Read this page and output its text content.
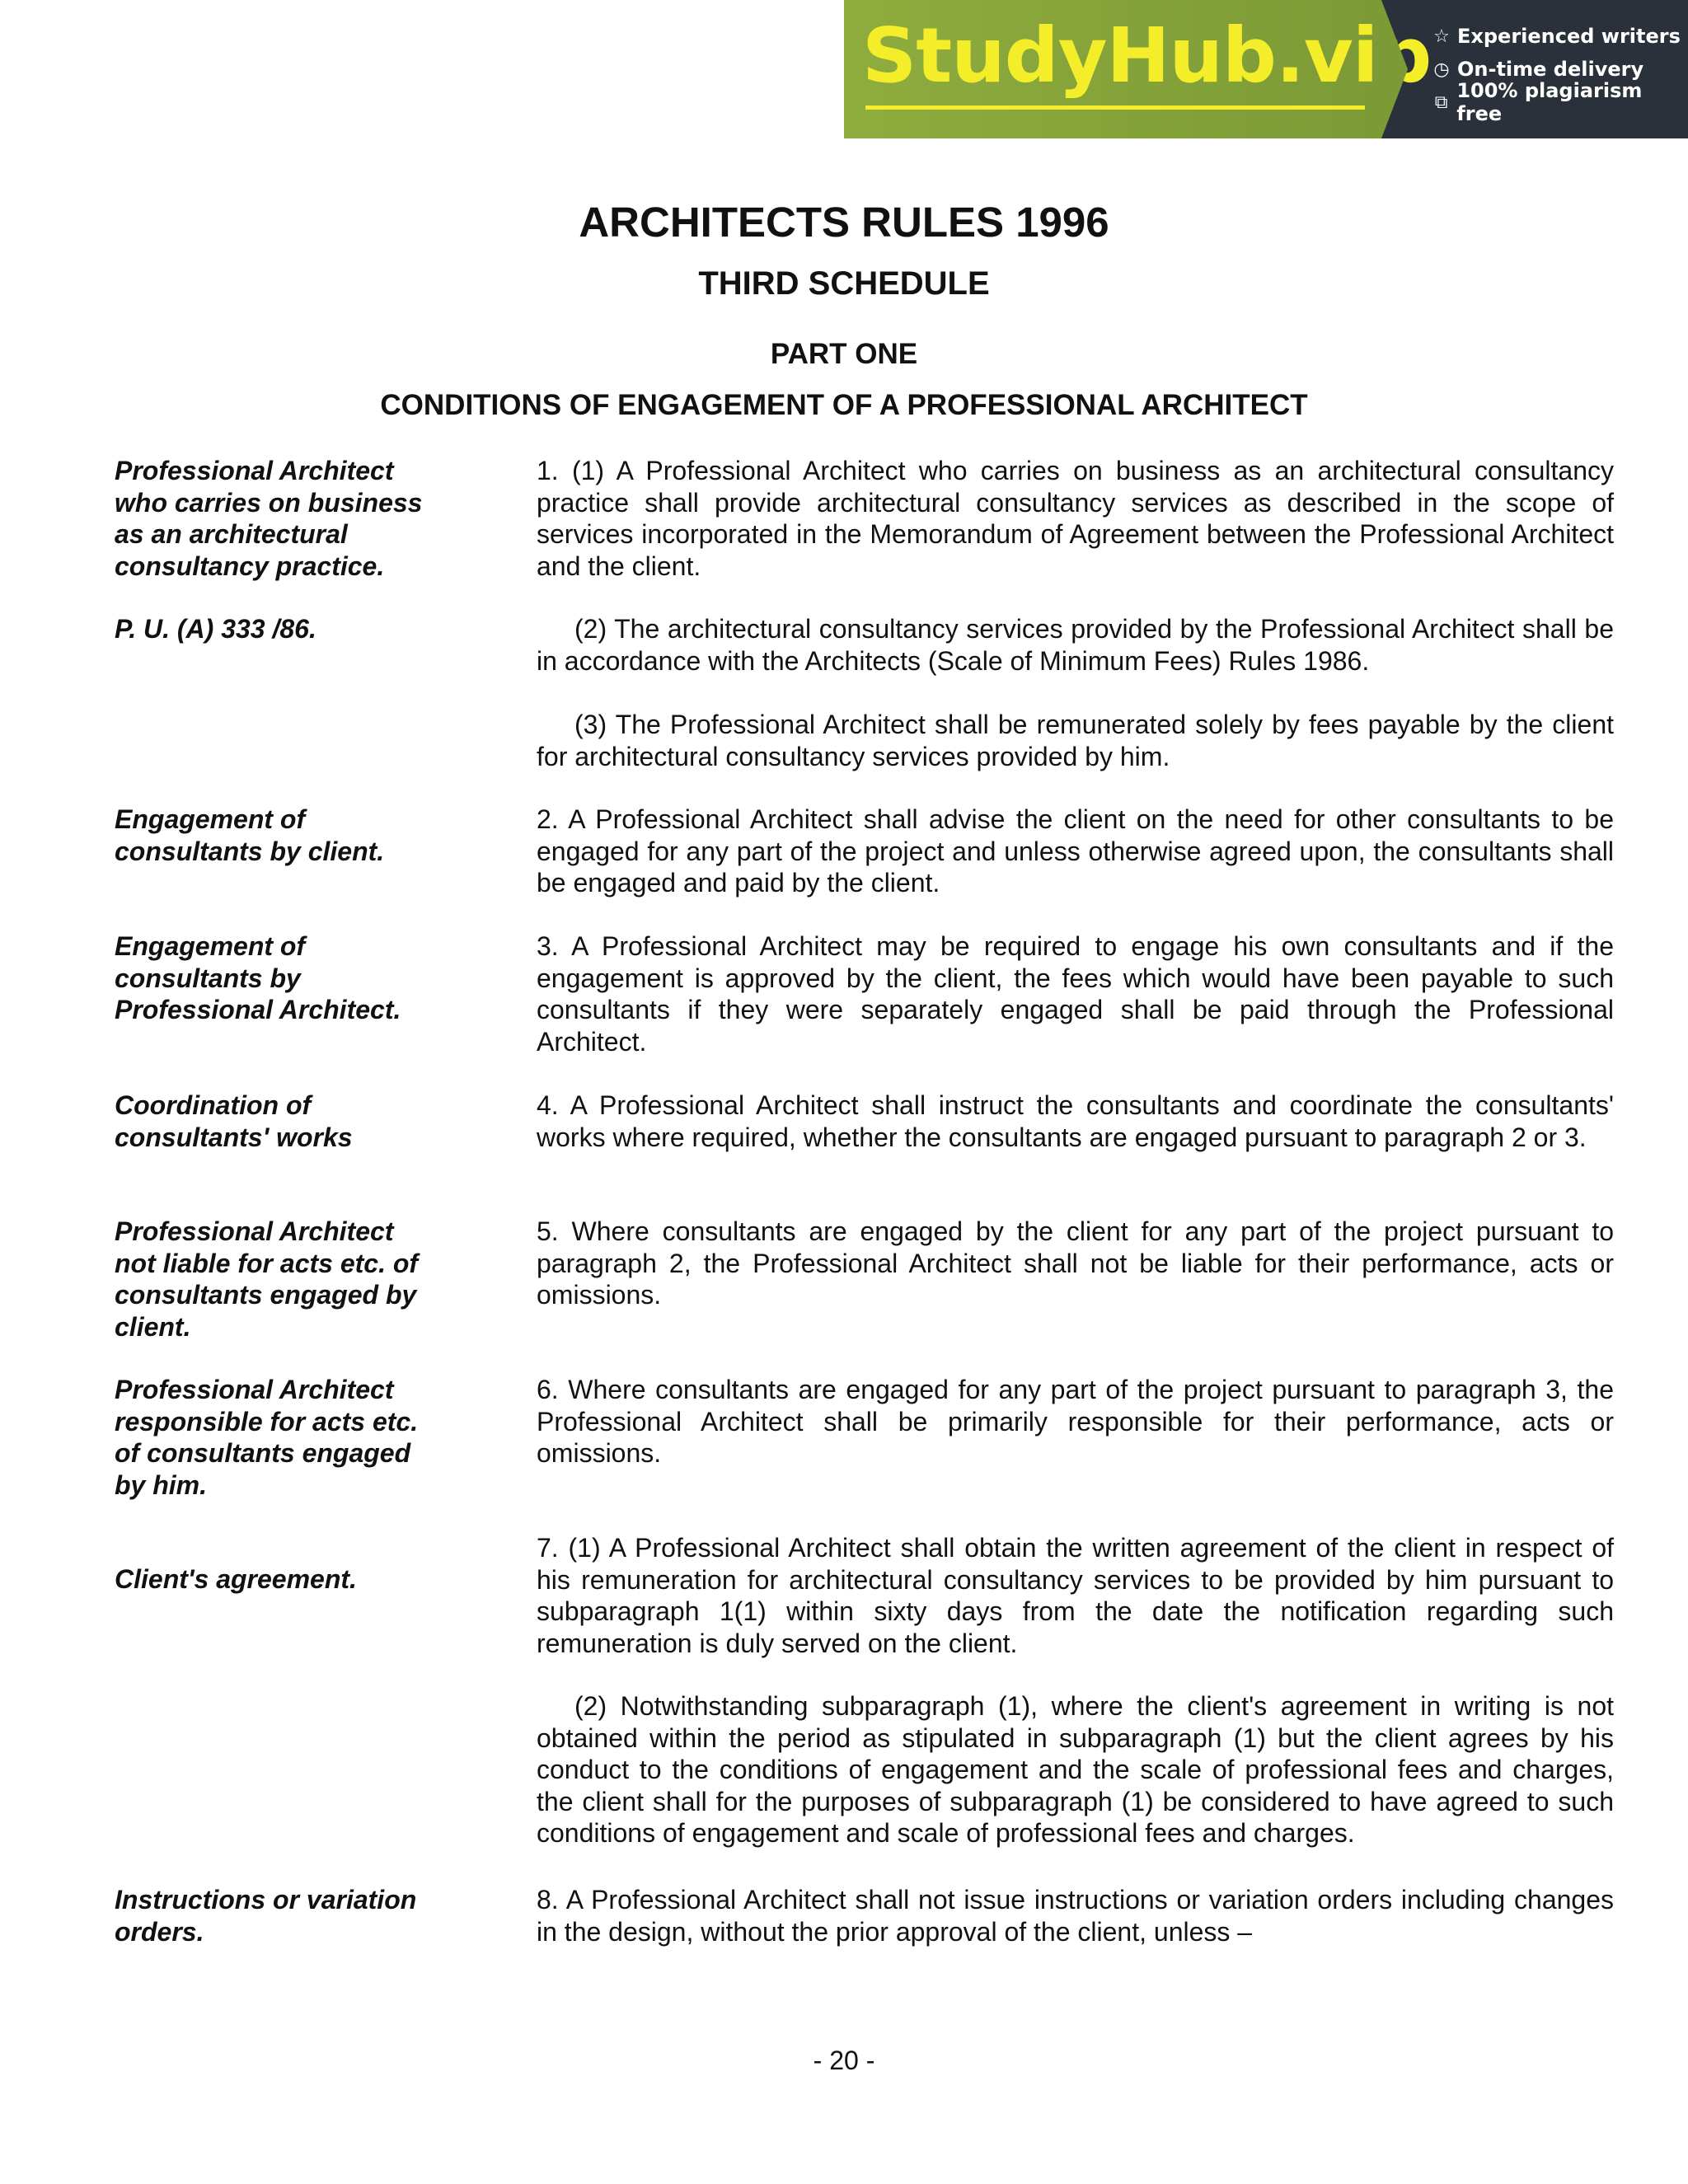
StudyHub.vip ☆ Experienced writers
◷ On-time delivery
⧉ 100% plagiarism free
ARCHITECTS RULES 1996
THIRD SCHEDULE
PART ONE
CONDITIONS OF ENGAGEMENT OF A PROFESSIONAL ARCHITECT
Professional Architect
who carries on business
as an architectural
consultancy practice.

1. (1) A Professional Architect who carries on business as an architectural consultancy practice shall provide architectural consultancy services as described in the scope of services incorporated in the Memorandum of Agreement between the Professional Architect and the client.

P. U. (A) 333 /86.	(2) The architectural consultancy services provided by the Professional Architect shall be in accordance with the Architects (Scale of Minimum Fees) Rules 1986.

(3) The Professional Architect shall be remunerated solely by fees payable by the client for architectural consultancy services provided by him.

Engagement of
consultants by client.

2. A Professional Architect shall advise the client on the need for other consultants to be engaged for any part of the project and unless otherwise agreed upon, the consultants shall be engaged and paid by the client.

Engagement of
consultants by
Professional Architect.

3. A Professional Architect may be required to engage his own consultants and if the engagement is approved by the client, the fees which would have been payable to such consultants if they were separately engaged shall be paid through the Professional Architect.

Coordination of
consultants' works

4. A Professional Architect shall instruct the consultants and coordinate the consultants' works where required, whether the consultants are engaged pursuant to paragraph 2 or 3.

Professional Architect
not liable for acts etc. of
consultants engaged by
client.

5. Where consultants are engaged by the client for any part of the project pursuant to paragraph 2, the Professional Architect shall not be liable for their performance, acts or omissions.

Professional Architect
responsible for acts etc.
of consultants engaged
by him.

6. Where consultants are engaged for any part of the project pursuant to paragraph 3, the Professional Architect shall be primarily responsible for their performance, acts or omissions.

Client's agreement.

7. (1) A Professional Architect shall obtain the written agreement of the client in respect of his remuneration for architectural consultancy services to be provided by him pursuant to subparagraph 1(1) within sixty days from the date the notification regarding such remuneration is duly served on the client.

(2) Notwithstanding subparagraph (1), where the client's agreement in writing is not obtained within the period as stipulated in subparagraph (1) but the client agrees by his conduct to the conditions of engagement and the scale of professional fees and charges, the client shall for the purposes of subparagraph (1) be considered to have agreed to such conditions of engagement and scale of professional fees and charges.

Instructions or variation
orders.

8. A Professional Architect shall not issue instructions or variation orders including changes in the design, without the prior approval of the client, unless –

- 20 -
